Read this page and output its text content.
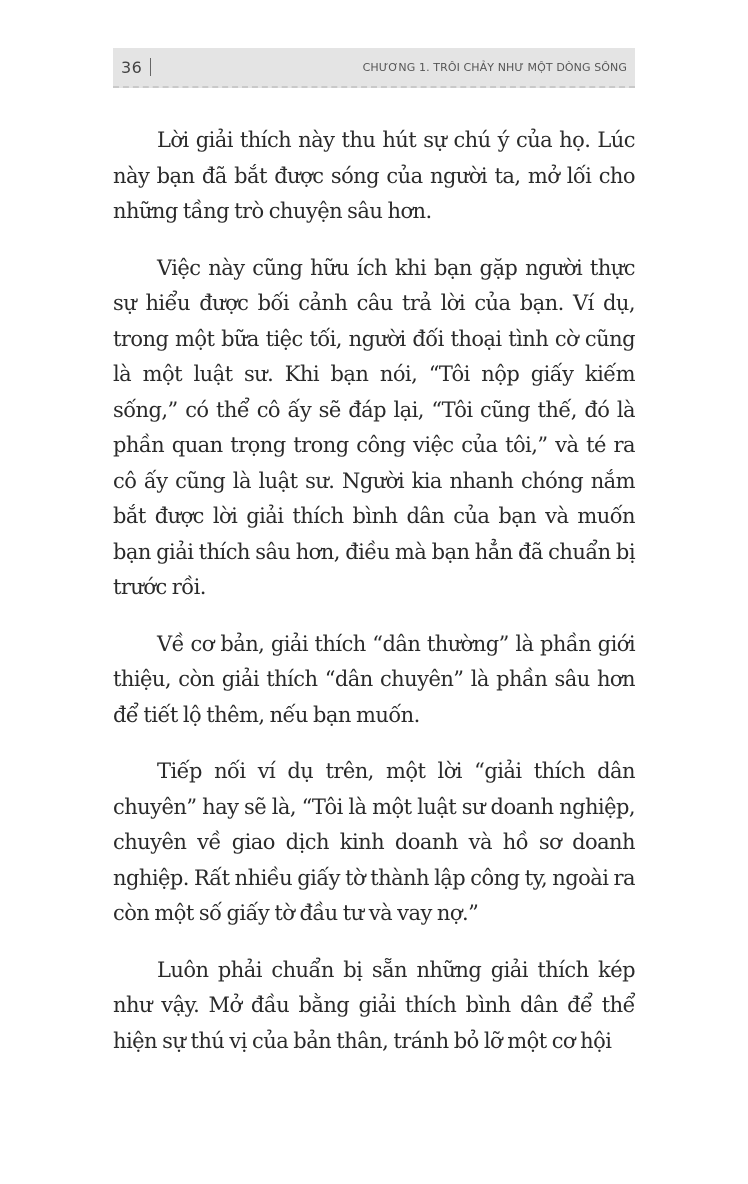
36	CHƯƠNG 1. TRÔI CHẢY NHƯ MỘT DÒNG SÔNG

Lời giải thích này thu hút sự chú ý của họ. Lúc này bạn đã bắt được sóng của người ta, mở lối cho những tầng trò chuyện sâu hơn.

Việc này cũng hữu ích khi bạn gặp người thực sự hiểu được bối cảnh câu trả lời của bạn. Ví dụ, trong một bữa tiệc tối, người đối thoại tình cờ cũng là một luật sư. Khi bạn nói, “Tôi nộp giấy kiếm sống,” có thể cô ấy sẽ đáp lại, “Tôi cũng thế, đó là phần quan trọng trong công việc của tôi,” và té ra cô ấy cũng là luật sư. Người kia nhanh chóng nắm bắt được lời giải thích bình dân của bạn và muốn bạn giải thích sâu hơn, điều mà bạn hẳn đã chuẩn bị trước rồi.

Về cơ bản, giải thích “dân thường” là phần giới thiệu, còn giải thích “dân chuyên” là phần sâu hơn để tiết lộ thêm, nếu bạn muốn.

Tiếp nối ví dụ trên, một lời “giải thích dân chuyên” hay sẽ là, “Tôi là một luật sư doanh nghiệp, chuyên về giao dịch kinh doanh và hồ sơ doanh nghiệp. Rất nhiều giấy tờ thành lập công ty, ngoài ra còn một số giấy tờ đầu tư và vay nợ.”

Luôn phải chuẩn bị sẵn những giải thích kép như vậy. Mở đầu bằng giải thích bình dân để thể hiện sự thú vị của bản thân, tránh bỏ lỡ một cơ hội
